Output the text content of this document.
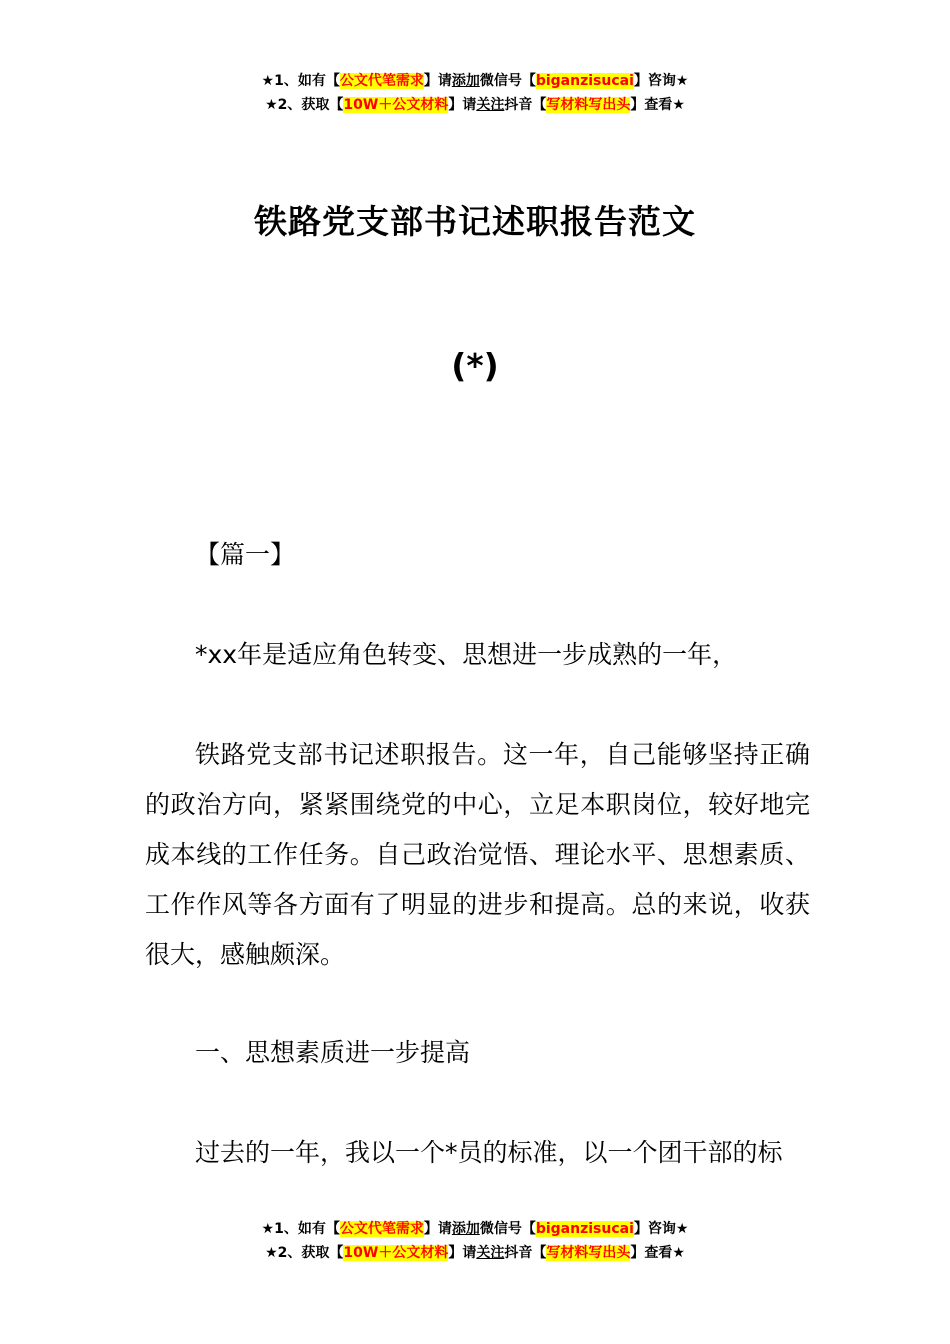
★1、如有【公文代笔需求】请添加微信号【biganzisucai】咨询★
★2、获取【10W＋公文材料】请关注抖音【写材料写出头】查看★
铁路党支部书记述职报告范文
(*)

【篇一】

*xx年是适应角色转变、思想进一步成熟的一年，

铁路党支部书记述职报告。这一年，自己能够坚持正确的政治方向，紧紧围绕党的中心，立足本职岗位，较好地完成本线的工作任务。自己政治觉悟、理论水平、思想素质、工作作风等各方面有了明显的进步和提高。总的来说，收获很大，感触颇深。

一、思想素质进一步提高

过去的一年，我以一个*员的标准，以一个团干部的标

★1、如有【公文代笔需求】请添加微信号【biganzisucai】咨询★
★2、获取【10W＋公文材料】请关注抖音【写材料写出头】查看★
